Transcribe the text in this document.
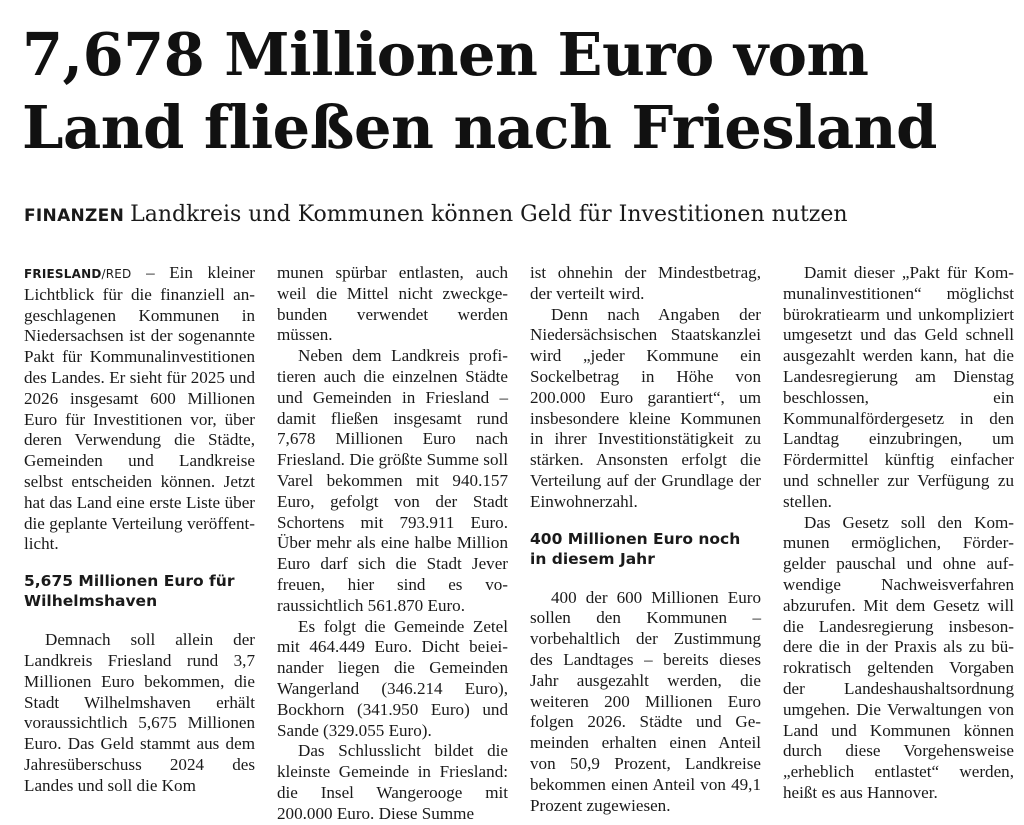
7,678 Millionen Euro vom Land fließen nach Friesland
FINANZEN Landkreis und Kommunen können Geld für Investitionen nutzen

FRIESLAND/RED – Ein kleiner Lichtblick für die finanziell angeschlagenen Kommunen in Niedersachsen ist der sogenannte Pakt für Kommunalinvestitionen des Landes. Er sieht für 2025 und 2026 insgesamt 600 Millionen Euro für Investitionen vor, über deren Verwendung die Städte, Gemeinden und Landkreise selbst entscheiden können. Jetzt hat das Land eine erste Liste über die geplante Verteilung veröffentlicht.

5,675 Millionen Euro für Wilhelmshaven

Demnach soll allein der Landkreis Friesland rund 3,7 Millionen Euro bekommen, die Stadt Wilhelmshaven erhält voraussichtlich 5,675 Millionen Euro. Das Geld stammt aus dem Jahresüberschuss 2024 des Landes und soll die Kom

munen spürbar entlasten, auch weil die Mittel nicht zweckgebunden verwendet werden müssen.

Neben dem Landkreis profitieren auch die einzelnen Städte und Gemeinden in Friesland – damit fließen insgesamt rund 7,678 Millionen Euro nach Friesland. Die größte Summe soll Varel bekommen mit 940.157 Euro, gefolgt von der Stadt Schortens mit 793.911 Euro. Über mehr als eine halbe Million Euro darf sich die Stadt Jever freuen, hier sind es voraussichtlich 561.870 Euro.

Es folgt die Gemeinde Zetel mit 464.449 Euro. Dicht beieinander liegen die Gemeinden Wangerland (346.214 Euro), Bockhorn (341.950 Euro) und Sande (329.055 Euro).

Das Schlusslicht bildet die kleinste Gemeinde in Friesland: die Insel Wangerooge mit 200.000 Euro. Diese Summe

ist ohnehin der Mindestbetrag, der verteilt wird.

Denn nach Angaben der Niedersächsischen Staatskanzlei wird „jeder Kommune ein Sockelbetrag in Höhe von 200.000 Euro garantiert“, um insbesondere kleine Kommunen in ihrer Investitionstätigkeit zu stärken. Ansonsten erfolgt die Verteilung auf der Grundlage der Einwohnerzahl.

400 Millionen Euro noch in diesem Jahr

400 der 600 Millionen Euro sollen den Kommunen – vorbehaltlich der Zustimmung des Landtages – bereits dieses Jahr ausgezahlt werden, die weiteren 200 Millionen Euro folgen 2026. Städte und Gemeinden erhalten einen Anteil von 50,9 Prozent, Landkreise bekommen einen Anteil von 49,1 Prozent zugewiesen.

Damit dieser „Pakt für Kommunalinvestitionen“ möglichst bürokratiearm und unkompliziert umgesetzt und das Geld schnell ausgezahlt werden kann, hat die Landesregierung am Dienstag beschlossen, ein Kommunalfördergesetz in den Landtag einzubringen, um Fördermittel künftig einfacher und schneller zur Verfügung zu stellen.

Das Gesetz soll den Kommunen ermöglichen, Fördergelder pauschal und ohne aufwendige Nachweisverfahren abzurufen. Mit dem Gesetz will die Landesregierung insbesondere die in der Praxis als zu bürokratisch geltenden Vorgaben der Landeshaushaltsordnung umgehen. Die Verwaltungen von Land und Kommunen können durch diese Vorgehensweise „erheblich entlastet“ werden, heißt es aus Hannover.
